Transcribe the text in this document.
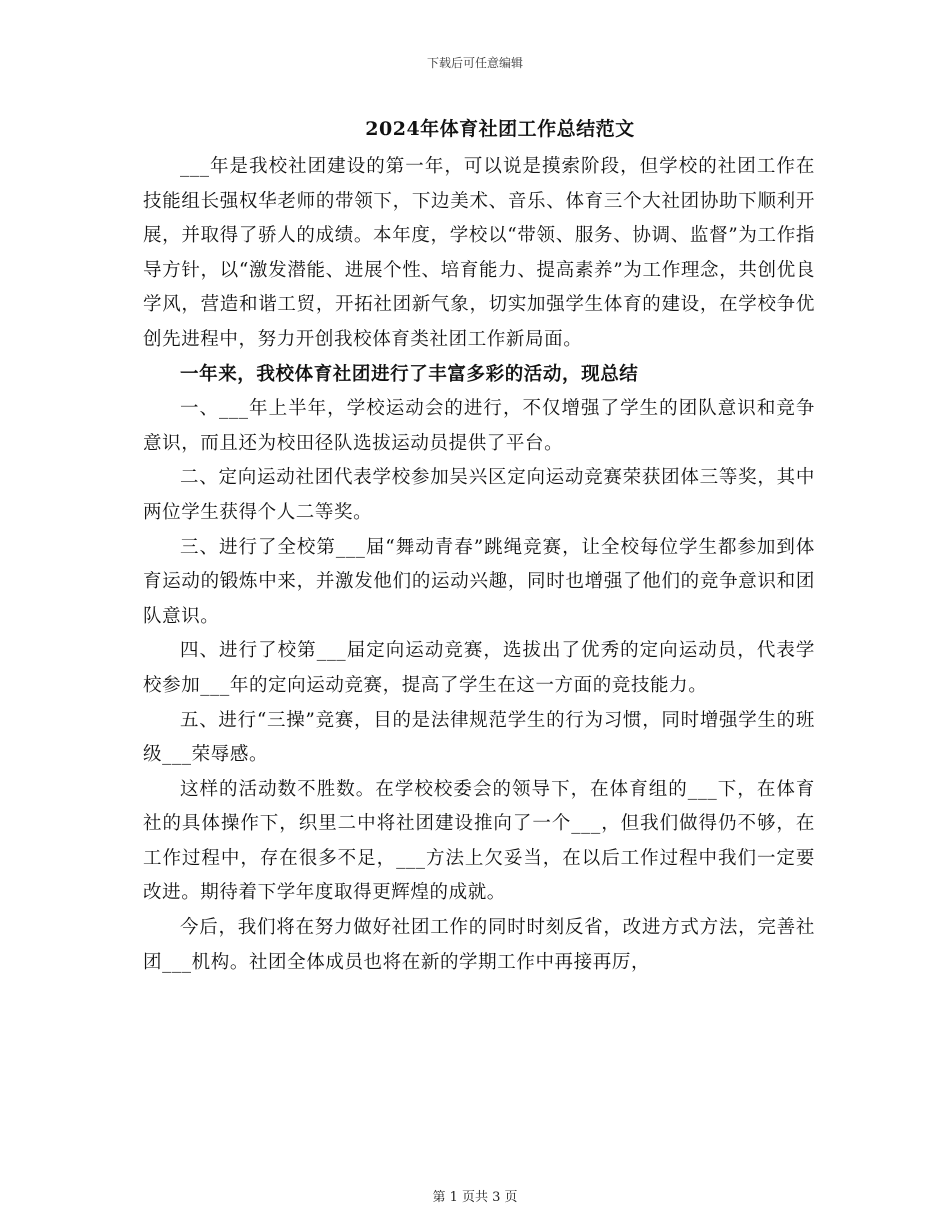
下载后可任意编辑
2024年体育社团工作总结范文

___年是我校社团建设的第一年，可以说是摸索阶段，但学校的社团工作在技能组长强权华老师的带领下，下边美术、音乐、体育三个大社团协助下顺利开展，并取得了骄人的成绩。本年度，学校以“带领、服务、协调、监督”为工作指导方针，以“激发潜能、进展个性、培育能力、提高素养”为工作理念，共创优良学风，营造和谐工贸，开拓社团新气象，切实加强学生体育的建设，在学校争优创先进程中，努力开创我校体育类社团工作新局面。

一年来，我校体育社团进行了丰富多彩的活动，现总结

一、___年上半年，学校运动会的进行，不仅增强了学生的团队意识和竞争意识，而且还为校田径队选拔运动员提供了平台。

二、定向运动社团代表学校参加吴兴区定向运动竞赛荣获团体三等奖，其中两位学生获得个人二等奖。

三、进行了全校第___届“舞动青春”跳绳竞赛，让全校每位学生都参加到体育运动的锻炼中来，并激发他们的运动兴趣，同时也增强了他们的竞争意识和团队意识。

四、进行了校第___届定向运动竞赛，选拔出了优秀的定向运动员，代表学校参加___年的定向运动竞赛，提高了学生在这一方面的竞技能力。

五、进行“三操”竞赛，目的是法律规范学生的行为习惯，同时增强学生的班级___荣辱感。

这样的活动数不胜数。在学校校委会的领导下，在体育组的___下，在体育社的具体操作下，织里二中将社团建设推向了一个___，但我们做得仍不够，在工作过程中，存在很多不足，___方法上欠妥当，在以后工作过程中我们一定要改进。期待着下学年度取得更辉煌的成就。

今后，我们将在努力做好社团工作的同时时刻反省，改进方式方法，完善社团___机构。社团全体成员也将在新的学期工作中再接再厉，

第 1 页共 3 页
